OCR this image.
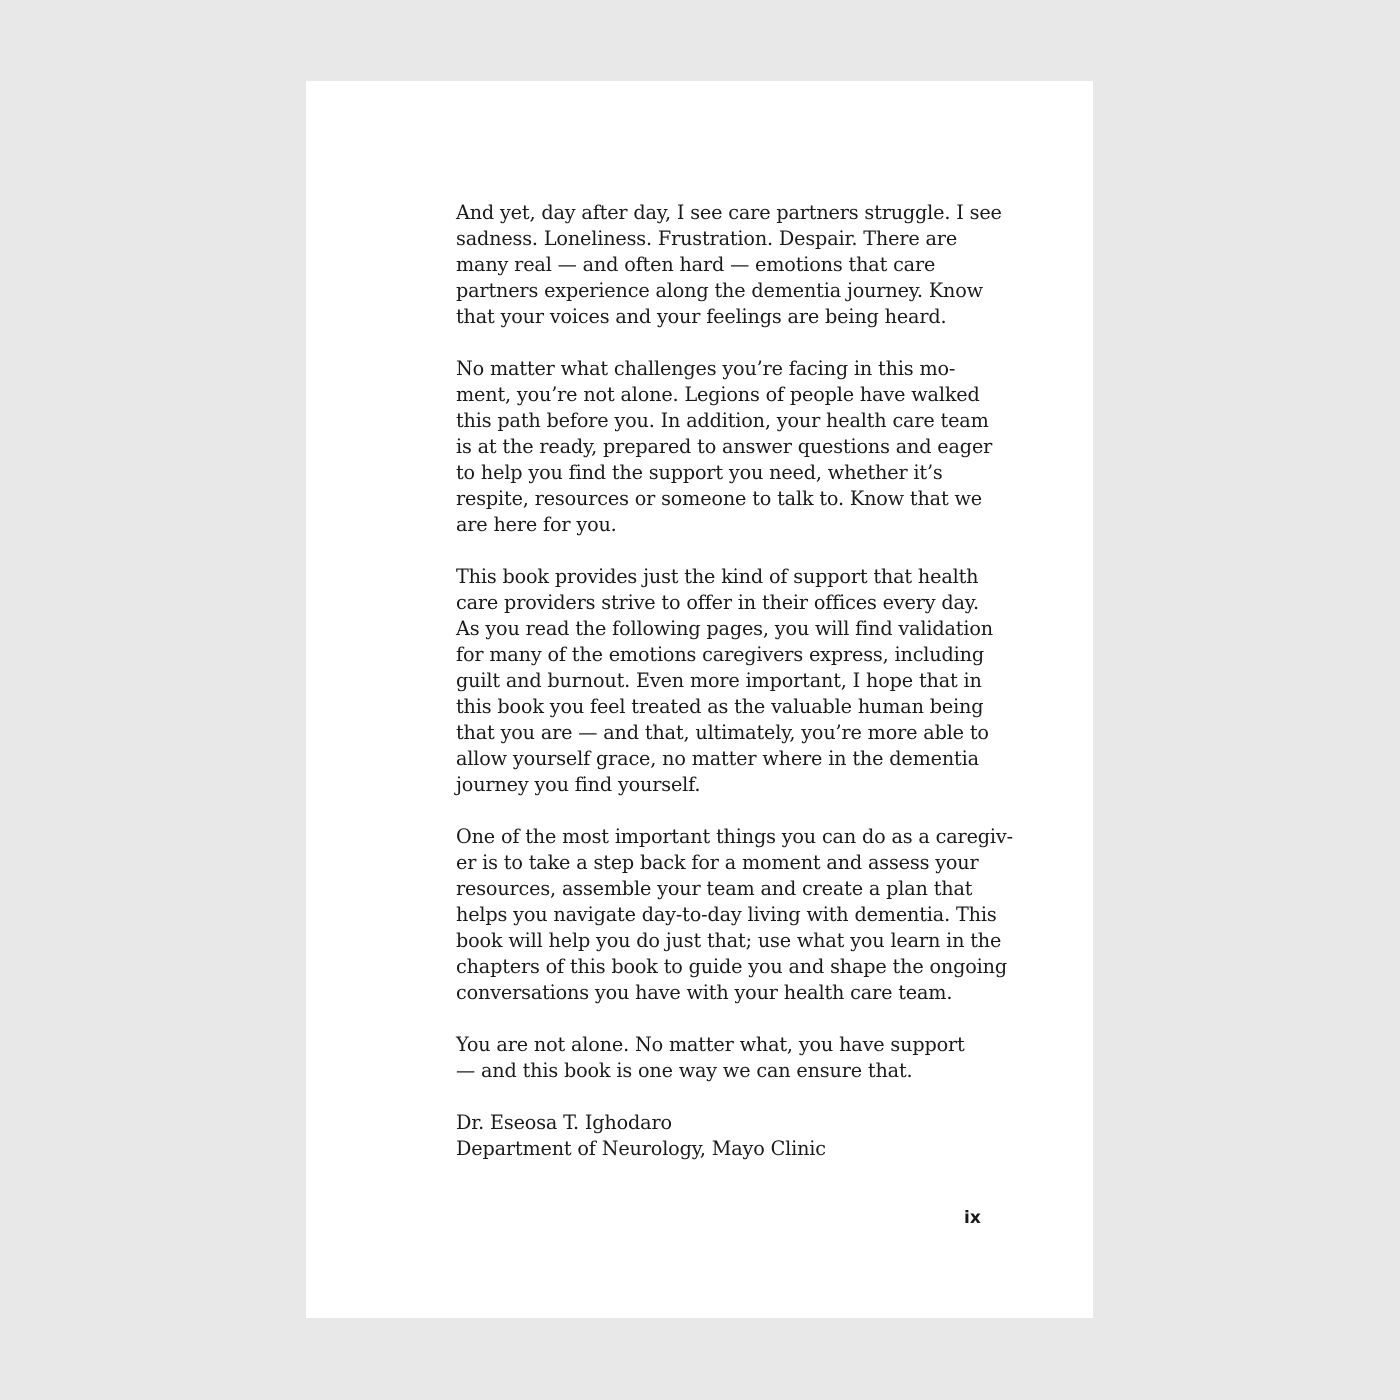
And yet, day after day, I see care partners struggle. I see
sadness. Loneliness. Frustration. Despair. There are
many real — and often hard — emotions that care
partners experience along the dementia journey. Know
that your voices and your feelings are being heard.

No matter what challenges you’re facing in this mo-
ment, you’re not alone. Legions of people have walked
this path before you. In addition, your health care team
is at the ready, prepared to answer questions and eager
to help you find the support you need, whether it’s
respite, resources or someone to talk to. Know that we
are here for you.

This book provides just the kind of support that health
care providers strive to offer in their offices every day.
As you read the following pages, you will find validation
for many of the emotions caregivers express, including
guilt and burnout. Even more important, I hope that in
this book you feel treated as the valuable human being
that you are — and that, ultimately, you’re more able to
allow yourself grace, no matter where in the dementia
journey you find yourself.

One of the most important things you can do as a caregiv-
er is to take a step back for a moment and assess your
resources, assemble your team and create a plan that
helps you navigate day-to-day living with dementia. This
book will help you do just that; use what you learn in the
chapters of this book to guide you and shape the ongoing
conversations you have with your health care team.

You are not alone. No matter what, you have support
— and this book is one way we can ensure that.

Dr. Eseosa T. Ighodaro
Department of Neurology, Mayo Clinic

ix
